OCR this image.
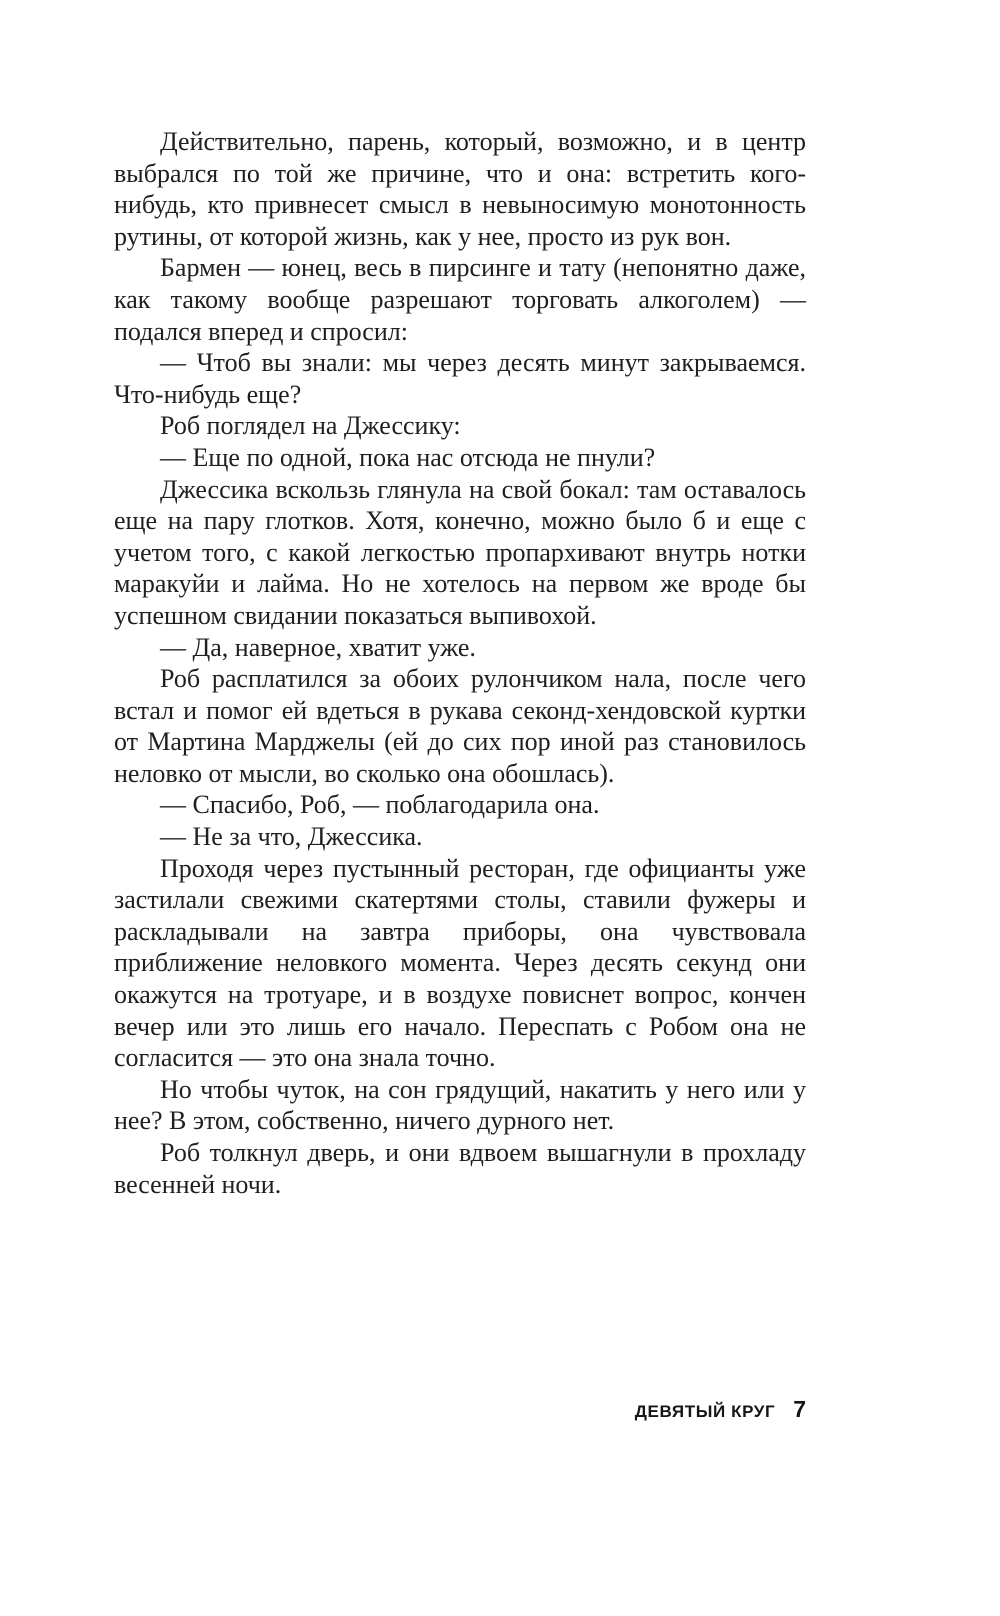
Действительно, парень, который, возможно, и в центр выбрался по той же причине, что и она: встретить кого-нибудь, кто привнесет смысл в невыносимую монотонность рутины, от которой жизнь, как у нее, просто из рук вон.

Бармен — юнец, весь в пирсинге и тату (непонятно даже, как такому вообще разрешают торговать алкоголем) — подался вперед и спросил:

— Чтоб вы знали: мы через десять минут закрываемся. Что-нибудь еще?

Роб поглядел на Джессику:

— Еще по одной, пока нас отсюда не пнули?

Джессика вскользь глянула на свой бокал: там оставалось еще на пару глотков. Хотя, конечно, можно было б и еще с учетом того, с какой легкостью пропархивают внутрь нотки маракуйи и лайма. Но не хотелось на первом же вроде бы успешном свидании показаться выпивохой.

— Да, наверное, хватит уже.

Роб расплатился за обоих рулончиком нала, после чего встал и помог ей вдеться в рукава секонд-хендовской куртки от Мартина Марджелы (ей до сих пор иной раз становилось неловко от мысли, во сколько она обошлась).

— Спасибо, Роб, — поблагодарила она.

— Не за что, Джессика.

Проходя через пустынный ресторан, где официанты уже застилали свежими скатертями столы, ставили фужеры и раскладывали на завтра приборы, она чувствовала приближение неловкого момента. Через десять секунд они окажутся на тротуаре, и в воздухе повиснет вопрос, кончен вечер или это лишь его начало. Переспать с Робом она не согласится — это она знала точно.

Но чтобы чуток, на сон грядущий, накатить у него или у нее? В этом, собственно, ничего дурного нет.

Роб толкнул дверь, и они вдвоем вышагнули в прохладу весенней ночи.

ДЕВЯТЫЙ КРУГ 7
